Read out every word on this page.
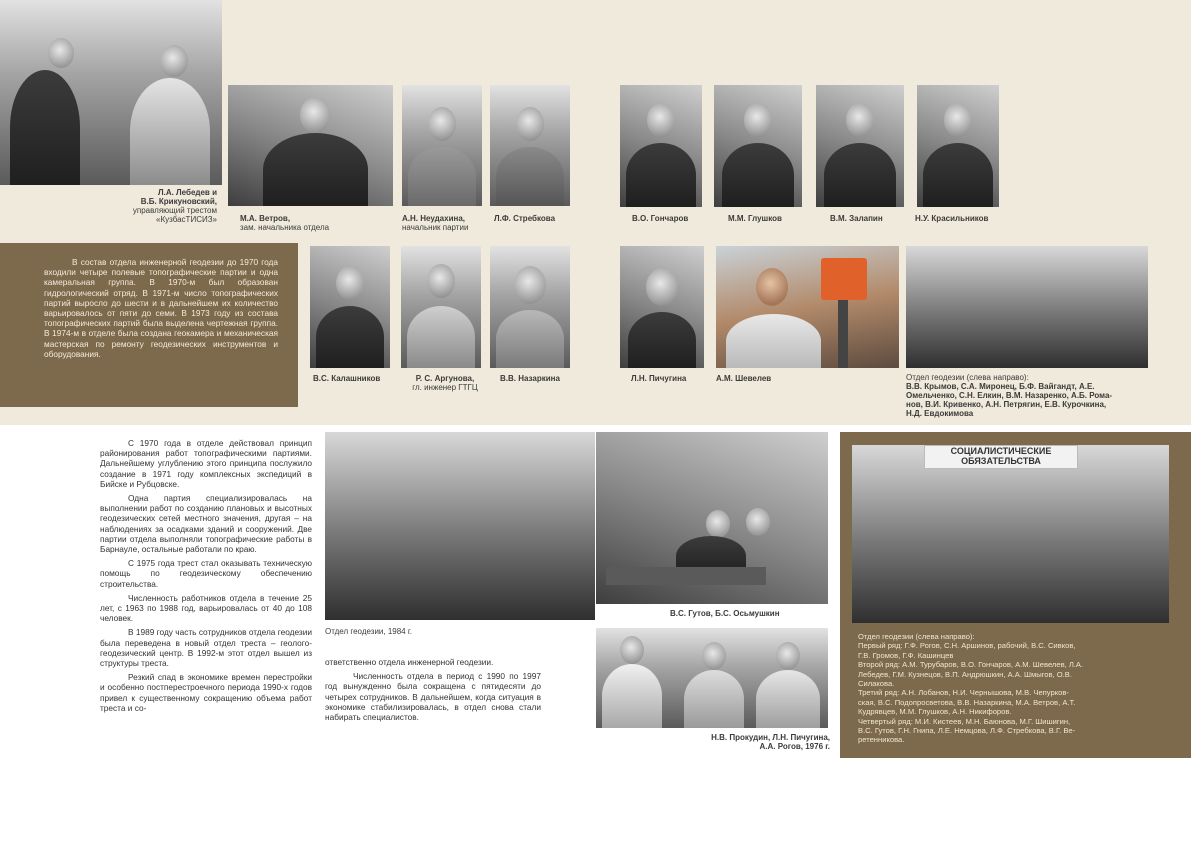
Л.А. Лебедев и
В.Б. Крикуновский,
управляющий трестом
«КузбасТИСИЗ»	М.А. Ветров,
зам. начальника отдела
А.Н. Неудахина,
начальник партии
Л.Ф. Стребкова	В.О. Гончаров	М.М. Глушков	В.М. Залапин	Н.У. Красильников

В состав отдела инженерной геодезии до 1970 года входили четыре полевые топографические партии и одна камеральная группа. В 1970-м был образован гидрологический отряд. В 1971-м число топографических партий выросло до шести и в дальнейшем их количество варьировалось от пяти до семи. В 1973 году из состава топографических партий была выделена чертежная группа. В 1974-м в отделе была создана геокамера и механическая мастерская по ремонту геодезических инструментов и оборудования.

В.С. Калашников	Р. С. Аргунова,
гл. инженер ГТГЦ
В.В. Назаркина	Л.Н. Пичугина	А.М. Шевелев	Отдел геодезии (слева направо):
В.В. Крымов, С.А. Миронец, Б.Ф. Вайгандт, А.Е.
Омельченко, С.Н. Елкин, В.М. Назаренко, А.Б. Рома-
нов, В.И. Кривенко, А.Н. Петрягин, Е.В. Курочкина,
Н.Д. Евдокимова

С 1970 года в отделе действовал принцип районирования работ топографическими партиями. Дальнейшему углублению этого принципа послужило создание в 1971 году комплексных экспедиций в Бийске и Рубцовске.

Одна партия специализировалась на выполнении работ по созданию плановых и высотных геодезических сетей местного значения, другая – на наблюдениях за осадками зданий и сооружений. Две партии отдела выполняли топографические работы в Барнауле, остальные работали по краю.

С 1975 года трест стал оказывать техническую помощь по геодезическому обеспечению строительства.

Численность работников отдела в течение 25 лет, с 1963 по 1988 год, варьировалась от 40 до 108 человек.

В 1989 году часть сотрудников отдела геодезии была переведена в новый отдел треста – геолого-геодезический центр. В 1992-м этот отдел вышел из структуры треста.

Резкий спад в экономике времен перестройки и особенно постперестроечного периода 1990-х годов привел к существенному сокращению объема работ треста и со-

Отдел геодезии, 1984 г.

ответственно отдела инженерной геодезии.

Численность отдела в период с 1990 по 1997 год вынужденно была сокращена с пятидесяти до четырех сотрудников. В дальнейшем, когда ситуация в экономике стабилизировалась, в отдел снова стали набирать специалистов.

В.С. Гутов, Б.С. Осьмушкин
Н.В. Прокудин, Л.Н. Пичугина,
А.А. Рогов, 1976 г.
СОЦИАЛИСТИЧЕСКИЕ
ОБЯЗАТЕЛЬСТВА
Отдел геодезии (слева направо):
Первый ряд: Г.Ф. Рогов, С.Н. Аршинов, рабочий, В.С. Сивков,
Г.В. Громов, Г.Ф. Кашинцев
Второй ряд: А.М. Турубаров, В.О. Гончаров, А.М. Шевелев, Л.А.
Лебедев, Г.М. Кузнецов, В.П. Андрюшкин, А.А. Шмыгов, О.В.
Силакова.
Третий ряд: А.Н. Лобанов, Н.И. Чернышова, М.В. Чепурков-
ская, В.С. Подопросветова, В.В. Назаркина, М.А. Ветров, А.Т.
Кудрявцев, М.М. Глушков, А.Н. Никифоров.
Четвертый ряд: М.И. Кистеев, М.Н. Баюнова, М.Г. Шишигин,
В.С. Гутов, Г.Н. Гнипа, Л.Е. Немцова, Л.Ф. Стребкова, В.Г. Ве-
ретенникова.
